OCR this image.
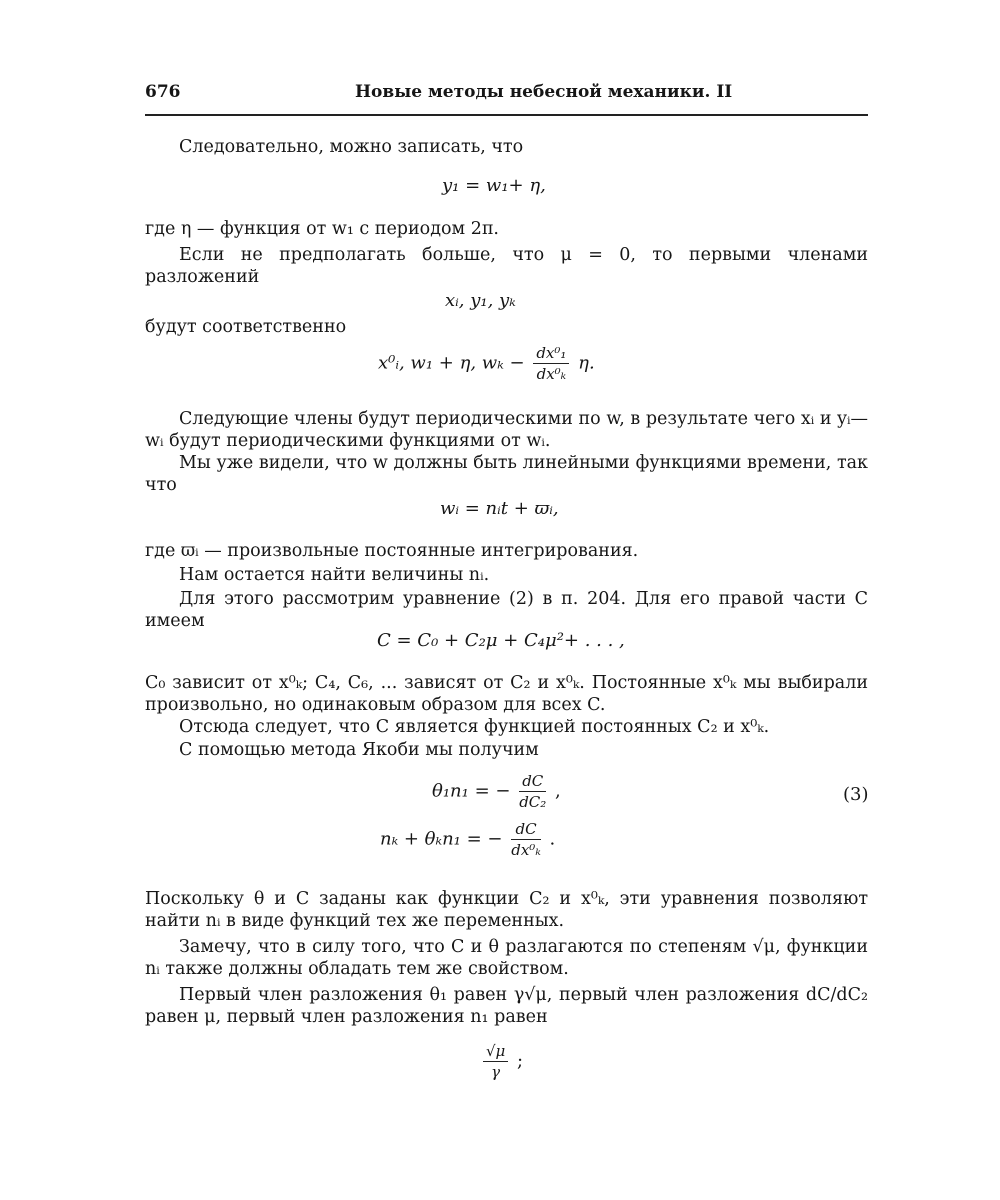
676	Новые методы небесной механики. II

Следовательно, можно записать, что

y₁ = w₁+ η,

где η — функция от w₁ с периодом 2π.

Если не предполагать больше, что μ = 0, то первыми членами разложений

xᵢ, y₁, yₖ

будут соответственно

x⁰ᵢ, w₁ + η, $w_k - \frac{\text{dx⁰₁}}{\text{dx⁰ₖ}} \eta$.

Следующие члены будут периодическими по w, в результате чего xᵢ и yᵢ— wᵢ будут периодическими функциями от wᵢ.

Мы уже видели, что w должны быть линейными функциями времени, так что

wᵢ = nᵢt + ϖᵢ,

где ϖᵢ — произвольные постоянные интегрирования.

Нам остается найти величины nᵢ.

Для этого рассмотрим уравнение (2) в п. 204. Для его правой части C имеем

C = C₀ + C₂μ + C₄μ²+ . . . ,

C₀ зависит от x⁰ₖ; C₄, C₆, ... зависят от C₂ и x⁰ₖ. Постоянные x⁰ₖ мы выбирали произвольно, но одинаковым образом для всех C.

Отсюда следует, что C является функцией постоянных C₂ и x⁰ₖ.

С помощью метода Якоби мы получим

θ₁n₁ = − $\frac{dC}{\text{dC₂}}$ ,	(3)
nₖ + θₖn₁ = − $\frac{dC}{\text{dx⁰ₖ}}$ .

Поскольку θ и C заданы как функции C₂ и x⁰ₖ, эти уравнения позволяют найти nᵢ в виде функций тех же переменных.

Замечу, что в силу того, что C и θ разлагаются по степеням √μ, функции nᵢ также должны обладать тем же свойством.

Первый член разложения θ₁ равен γ√μ, первый член разложения dC/dC₂ равен μ, первый член разложения n₁ равен

$\frac{√\mu}{\gamma}$ ;
